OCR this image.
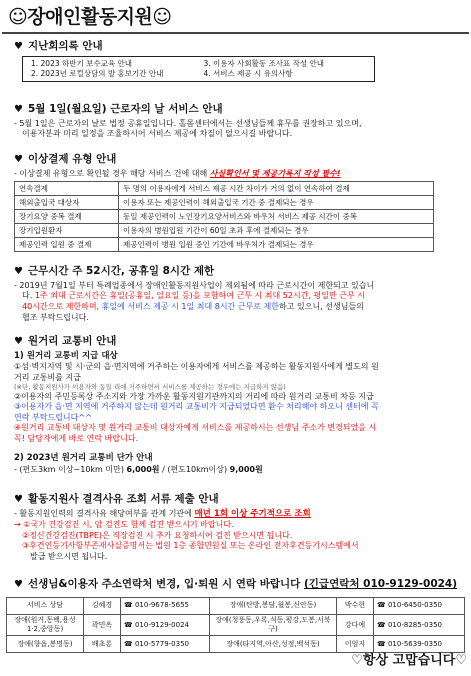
☺장애인활동지원☺
♥ 지난회의록 안내
1. 2023 하반기 보수교육 안내	3. 이용자 사회활동 조사표 작성 안내
2. 2023년 로컬상담의 발 홍보기간 안내	4. 서비스 제공 시 유의사항
♥ 5월 1일(월요일) 근로자의 날 서비스 안내

- 5월 1일은 근로자의 날로 법정 공휴일입니다. 홀몸센터에서는 선생님들께 휴무를 권장하고 있으며,

이용자분과 미리 일정을 조율하시어 서비스 제공에 차질이 없으시길 바랍니다.

♥ 이상결제 유형 안내

- 이상결제 유형으로 확인될 경우 해당 서비스 건에 대해 사실확인서 및 제공기록지 작성 필수!

연속결제	두 명의 이용자에게 서비스 제공 시간 차이가 거의 없이 연속하여 결제
해외출입국 대상자	이용자 또는 제공인력이 해외출입국 기간 중 결제되는 경우
장기요양 중복 결제	동일 제공인력이 노인장기요양서비스와 바우처 서비스 제공 시간이 중복
장기입원환자	이용자의 병원입원 기간이 60일 초과 후에 결제되는 경우
제공인력 입원 중 결제	제공인력이 병원 입원 중인 기간에 바우처가 결제되는 경우
♥ 근무시간 주 52시간, 공휴일 8시간 제한

- 2019년 7월1일 부터 특례업종에서 장애인활동지원사업이 제외됨에 따라 근로시간이 제한되고 있습니

다. 1주 최대 근로시간은 휴일(공휴일, 일요일 등)을 포함하여 근무 시 최대 52시간, 평일만 근무 시

40시간으로 제한하며, 휴일에 서비스 제공 시 1일 최대 8시간 근무로 제한하고 있으니, 선생님들의

협조 부탁드립니다.

♥ 원거리 교통비 안내

1) 원거리 교통비 지급 대상

①섬·벽지지역 및 시·군의 읍·면지역에 거주하는 이용자에게 서비스를 제공하는 활동지원사에게 별도의 원

거리 교통비를 지급

(※단, 활동지원사가 이용자와 동일 리에 거주하면서 서비스를 제공하는 경우에는 지급하지 않음)

②이용자의 주민등록상 주소지와 가장 가까운 활동지원기관까지의 거리에 따라 원거리 교통비 차등 지급

③이용자가 읍·면 지역에 거주하지 않는데 원거리 교통비가 지급되었다면 환수 처리해야 하오니 센터에 꼭

연락 부탁드립니다^^

④원거리 교통비 대상자 및 원거리 교통비 대상자에게 서비스를 제공하시는 선생님 주소가 변경되었을 시

꼭! 담당자에게 바로 연락 바랍니다.

2) 2023년 원거리 교통비 단가 안내

- (편도3km 이상~10km 미만) 6,000원 / (편도10km이상) 9,000원

♥ 활동지원사 결격사유 조회 서류 제출 안내

- 활동지원인력의 결격사유 해당여부를 관계 기관에 매년 1회 이상 주기적으로 조회

→ ①국가 건강검진 시, 암 검진도 함께 검진 받으시기 바랍니다.

②정신건강검진(TBPE)은 직장검진 시 추가 요청하시어 검진 받으시면 됩니다.

③후견인등기사항부존재사실증명서는 법원 1층 종합민원실 또는 온라인 전자후견등기시스템에서

발급 받으시면 됩니다.

♥ 선생님&이용자 주소연락처 변경, 입·퇴원 시 연락 바랍니다 (긴급연락처 010-9129-0024)
서비스 상담	김혜경	☎ 010-9678-5655	장애(탄방,봉담,월봉,신안동)	박수현	☎ 010-6450-0350
장애(원거,동백,용성1·2,중앙동)	곽민옥	☎ 010-9129-0024	장애(청풍동,우록,석동,평강,도봉,서북구)	강다예	☎ 010-8285-0350
장애(향읍,봉명동)	배초롱	☎ 010-5779-0350	장애(타지역,아산,성정,백석동)	이엄지	☎ 010-5639-0350
♡항상 고맙습니다♡
